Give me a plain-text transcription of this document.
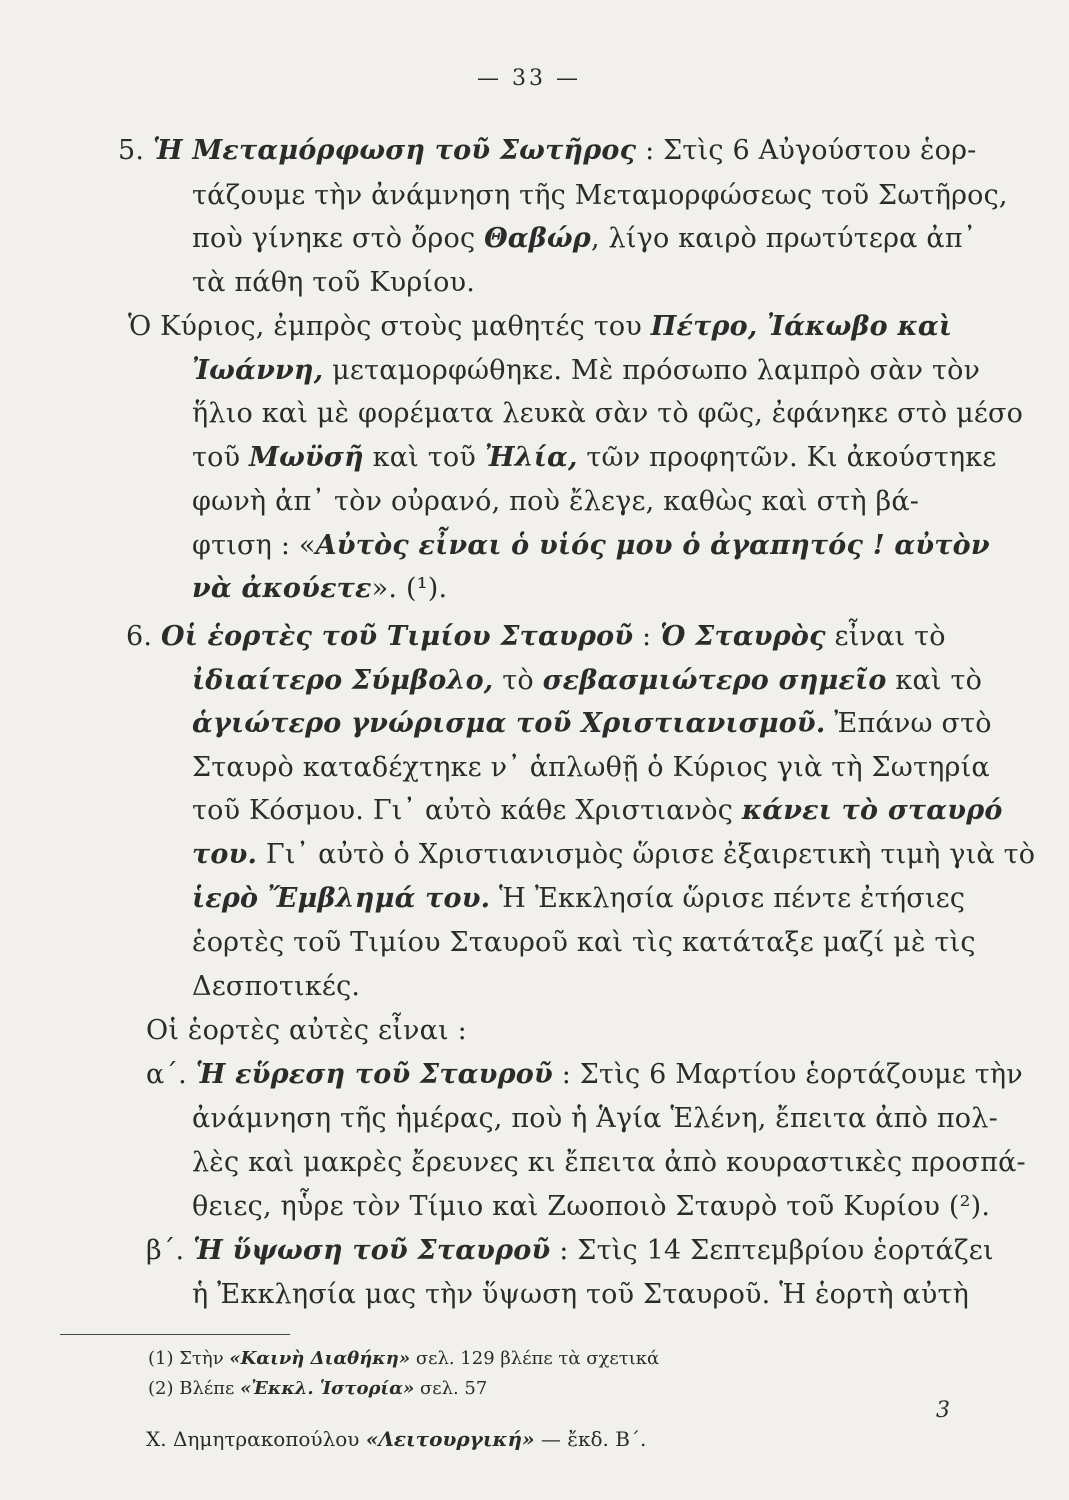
— 33 —
5. Ἡ Μεταμόρφωση τοῦ Σωτῆρος : Στὶς 6 Αὐγούστου ἑορ-
τάζουμε τὴν ἀνάμνηση τῆς Μεταμορφώσεως τοῦ Σωτῆρος,
ποὺ γίνηκε στὸ ὄρος Θαβώρ, λίγο καιρὸ πρωτύτερα ἀπ᾽
τὰ πάθη τοῦ Κυρίου.
Ὁ Κύριος, ἐμπρὸς στοὺς μαθητές του Πέτρο, Ἰάκωβο καὶ
Ἰωάννη, μεταμορφώθηκε. Μὲ πρόσωπο λαμπρὸ σὰν τὸν
ἥλιο καὶ μὲ φορέματα λευκὰ σὰν τὸ φῶς, ἐφάνηκε στὸ μέσο
τοῦ Μωϋσῆ καὶ τοῦ Ἠλία, τῶν προφητῶν. Κι ἀκούστηκε
φωνὴ ἀπ᾽ τὸν οὐρανό, ποὺ ἔλεγε, καθὼς καὶ στὴ βά-
φτιση : «Αὐτὸς εἶναι ὁ υἱός μου ὁ ἀγαπητός ! αὐτὸν
νὰ ἀκούετε». (¹).
6. Οἱ ἑορτὲς τοῦ Τιμίου Σταυροῦ : Ὁ Σταυρὸς εἶναι τὸ
ἰδιαίτερο Σύμβολο, τὸ σεβασμιώτερο σημεῖο καὶ τὸ
ἁγιώτερο γνώρισμα τοῦ Χριστιανισμοῦ. Ἐπάνω στὸ
Σταυρὸ καταδέχτηκε ν᾽ ἁπλωθῇ ὁ Κύριος γιὰ τὴ Σωτηρία
τοῦ Κόσμου. Γι᾽ αὐτὸ κάθε Χριστιανὸς κάνει τὸ σταυρό
του. Γι᾽ αὐτὸ ὁ Χριστιανισμὸς ὥρισε ἐξαιρετικὴ τιμὴ γιὰ τὸ
ἱερὸ Ἔμβλημά του. Ἡ Ἐκκλησία ὥρισε πέντε ἐτήσιες
ἑορτὲς τοῦ Τιμίου Σταυροῦ καὶ τὶς κατάταξε μαζί μὲ τὶς
Δεσποτικές.
Οἱ ἑορτὲς αὐτὲς εἶναι :
α΄. Ἡ εὕρεση τοῦ Σταυροῦ : Στὶς 6 Μαρτίου ἑορτάζουμε τὴν
ἀνάμνηση τῆς ἡμέρας, ποὺ ἡ Ἁγία Ἑλένη, ἔπειτα ἀπὸ πολ-
λὲς καὶ μακρὲς ἔρευνες κι ἔπειτα ἀπὸ κουραστικὲς προσπά-
θειες, ηὗρε τὸν Τίμιο καὶ Ζωοποιὸ Σταυρὸ τοῦ Κυρίου (²).
β΄. Ἡ ὕψωση τοῦ Σταυροῦ : Στὶς 14 Σεπτεμβρίου ἑορτάζει
ἡ Ἐκκλησία μας τὴν ὕψωση τοῦ Σταυροῦ. Ἡ ἑορτὴ αὐτὴ
(1) Στὴν «Καινὴ Διαθήκη» σελ. 129 βλέπε τὰ σχετικά
(2) Βλέπε «Ἐκκλ. Ἱστορία» σελ. 57
Χ. Δημητρακοπούλου «Λειτουργική» — ἔκδ. Β΄.
3
